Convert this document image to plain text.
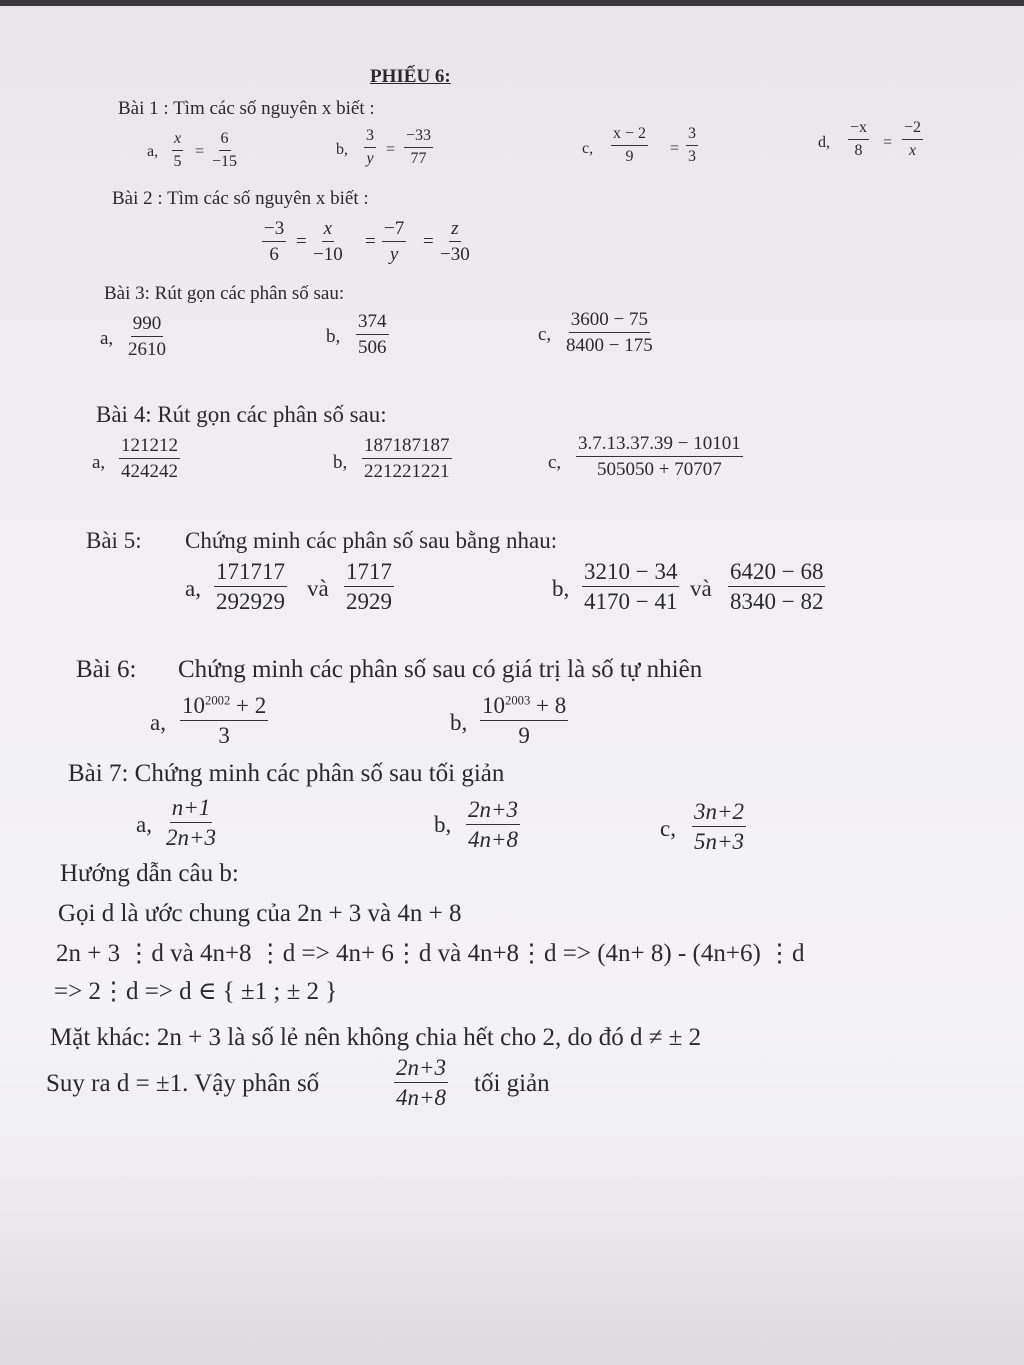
PHIẾU 6:
Bài 1 : Tìm các số nguyên x biết :
a, $\frac{x}{5} = \frac{6}{-15}$	b, $\frac{3}{y} = \frac{-33}{77}$	c, $\frac{x - 2}{9} = \frac{3}{3}$	d, $\frac{-x}{8} = \frac{-2}{x}$
Bài 2 : Tìm các số nguyên x biết :
$\frac{-3}{6} = \frac{x}{-10} = \frac{-7}{y} = \frac{z}{-30}$
Bài 3: Rút gọn các phân số sau:
a, $\frac{990}{2610}$	b, $\frac{374}{506}$	c, $\frac{3600 - 75}{8400 - 175}$
Bài 4: Rút gọn các phân số sau:
a, $\frac{121212}{424242}$	b, $\frac{187187187}{221221221}$	c, $\frac{3.7.13.37.39 - 10101}{505050 + 70707}$
Bài 5: Chứng minh các phân số sau bằng nhau:
a, $\frac{171717}{292929}$ và $\frac{1717}{2929}$	b, $\frac{3210 - 34}{4170 - 41}$ và $\frac{6420 - 68}{8340 - 82}$
Bài 6: Chứng minh các phân số sau có giá trị là số tự nhiên
a, $\frac{10^{2002} + 2}{3}$	b, $\frac{10^{2003} + 8}{9}$
Bài 7: Chứng minh các phân số sau tối giản
a, $\frac{n+1}{2n+3}$	b, $\frac{2n+3}{4n+8}$	c, $\frac{3n+2}{5n+3}$
Hướng dẫn câu b:
Gọi d là ước chung của 2n + 3 và 4n + 8
2n + 3 ⋮d và 4n+8 ⋮d => 4n+ 6⋮d và 4n+8⋮d => (4n+ 8) - (4n+6) ⋮d
=> 2⋮d => d ∈ { ±1 ; ± 2 }
Mặt khác: 2n + 3 là số lẻ nên không chia hết cho 2, do đó d ≠ ± 2
Suy ra d = ±1. Vậy phân số	$\frac{2n+3}{4n+8}$ tối giản
